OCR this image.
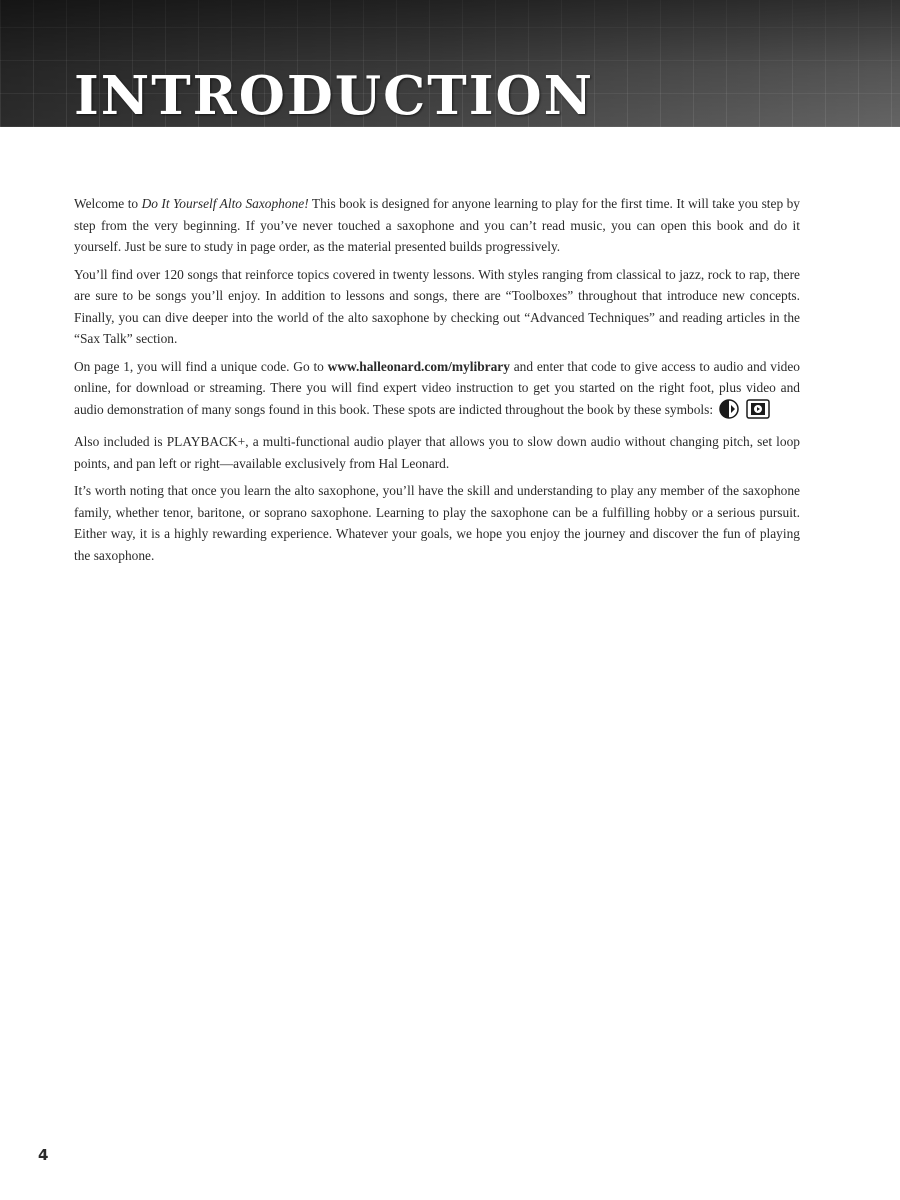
INTRODUCTION

Welcome to Do It Yourself Alto Saxophone! This book is designed for anyone learning to play for the first time. It will take you step by step from the very beginning. If you’ve never touched a saxophone and you can’t read music, you can open this book and do it yourself. Just be sure to study in page order, as the material presented builds progressively.

You’ll find over 120 songs that reinforce topics covered in twenty lessons. With styles ranging from classical to jazz, rock to rap, there are sure to be songs you’ll enjoy. In addition to lessons and songs, there are “Toolboxes” throughout that introduce new concepts. Finally, you can dive deeper into the world of the alto saxophone by checking out “Advanced Techniques” and reading articles in the “Sax Talk” section.

On page 1, you will find a unique code. Go to www.halleonard.com/mylibrary and enter that code to give access to audio and video online, for download or streaming. There you will find expert video instruction to get you started on the right foot, plus video and audio demonstration of many songs found in this book. These spots are indicted throughout the book by these symbols:

Also included is PLAYBACK+, a multi-functional audio player that allows you to slow down audio without changing pitch, set loop points, and pan left or right—available exclusively from Hal Leonard.

It’s worth noting that once you learn the alto saxophone, you’ll have the skill and understanding to play any member of the saxophone family, whether tenor, baritone, or soprano saxophone. Learning to play the saxophone can be a fulfilling hobby or a serious pursuit. Either way, it is a highly rewarding experience. Whatever your goals, we hope you enjoy the journey and discover the fun of playing the saxophone.

4
